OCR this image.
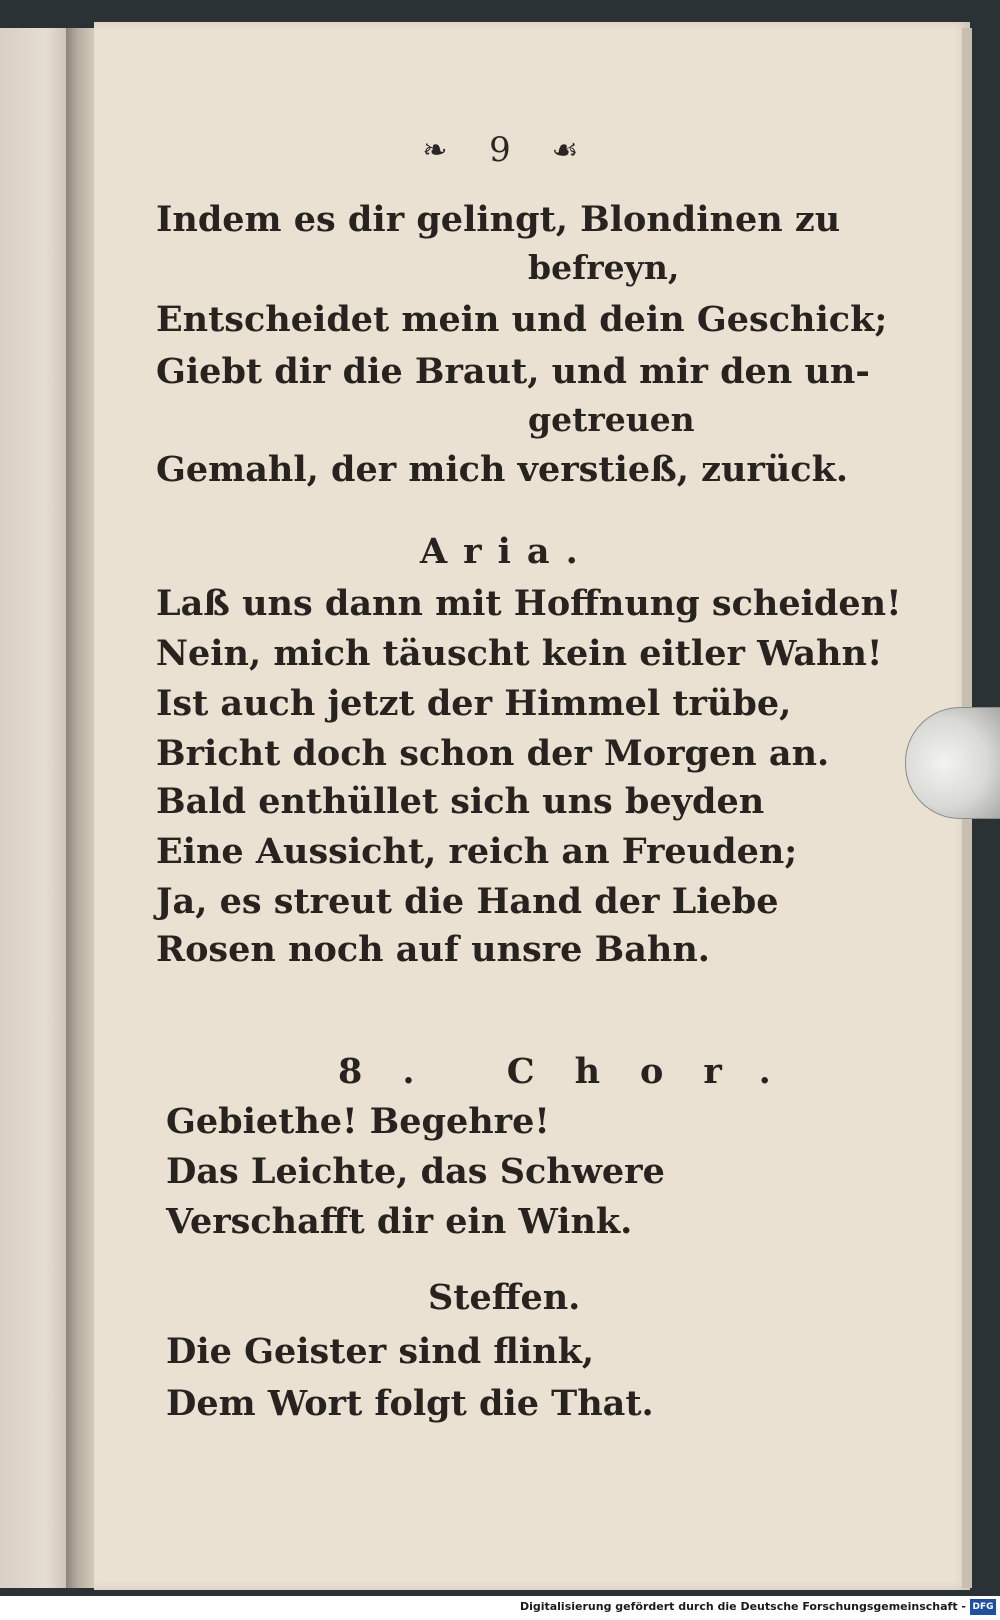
❧	9	☙
Indem es dir gelingt, Blondinen zu
befreyn,
Entscheidet mein und dein Geschick;
Giebt dir die Braut, und mir den un-
getreuen
Gemahl, der mich verstieß, zurück.
Aria.
Laß uns dann mit Hoffnung scheiden!
Nein, mich täuscht kein eitler Wahn!
Ist auch jetzt der Himmel trübe,
Bricht doch schon der Morgen an.
Bald enthüllet sich uns beyden
Eine Aussicht, reich an Freuden;
Ja, es streut die Hand der Liebe
Rosen noch auf unsre Bahn.
8. Chor.
Gebiethe! Begehre!
Das Leichte, das Schwere
Verschafft dir ein Wink.
Steffen.
Die Geister sind flink,
Dem Wort folgt die That.
Digitalisierung gefördert durch die Deutsche Forschungsgemeinschaft - DFG
